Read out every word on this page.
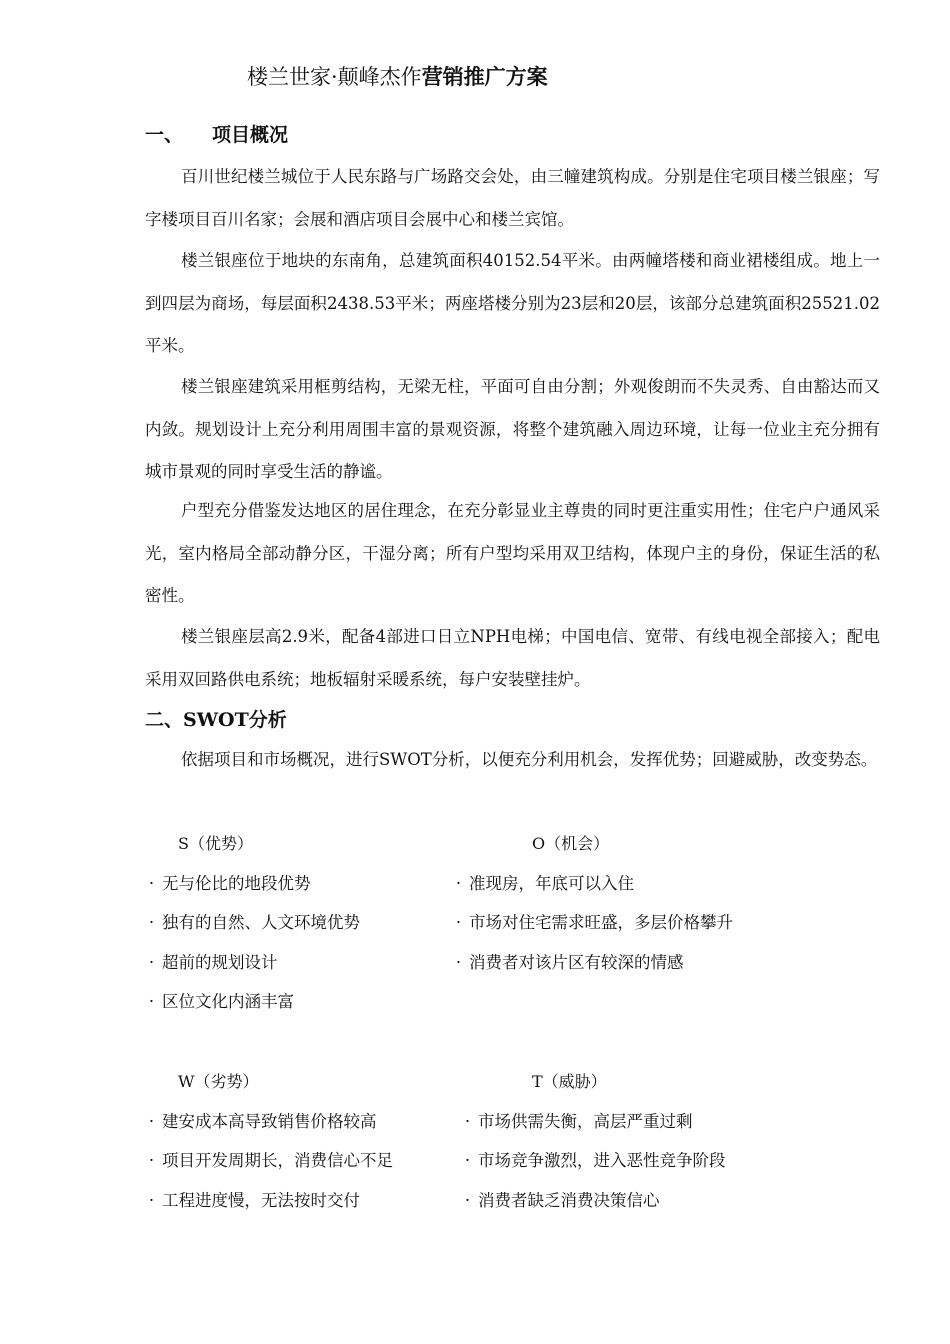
楼兰世家·颠峰杰作营销推广方案
一、 项目概况

百川世纪楼兰城位于人民东路与广场路交会处，由三幢建筑构成。分别是住宅项目楼兰银座；写字楼项目百川名家；会展和酒店项目会展中心和楼兰宾馆。

楼兰银座位于地块的东南角，总建筑面积40152.54平米。由两幢塔楼和商业裙楼组成。地上一到四层为商场，每层面积2438.53平米；两座塔楼分别为23层和20层，该部分总建筑面积25521.02平米。

楼兰银座建筑采用框剪结构，无梁无柱，平面可自由分割；外观俊朗而不失灵秀、自由豁达而又内敛。规划设计上充分利用周围丰富的景观资源，将整个建筑融入周边环境，让每一位业主充分拥有城市景观的同时享受生活的静谧。

户型充分借鉴发达地区的居住理念，在充分彰显业主尊贵的同时更注重实用性；住宅户户通风采光，室内格局全部动静分区，干湿分离；所有户型均采用双卫结构，体现户主的身份，保证生活的私密性。

楼兰银座层高2.9米，配备4部进口日立NPH电梯；中国电信、宽带、有线电视全部接入；配电采用双回路供电系统；地板辐射采暖系统，每户安装壁挂炉。

二、SWOT分析

依据项目和市场概况，进行SWOT分析，以便充分利用机会，发挥优势；回避威胁，改变势态。

S（优势）
· 无与伦比的地段优势
· 独有的自然、人文环境优势
· 超前的规划设计
· 区位文化内涵丰富
O（机会）
· 准现房，年底可以入住
· 市场对住宅需求旺盛，多层价格攀升
· 消费者对该片区有较深的情感
W（劣势）
· 建安成本高导致销售价格较高
· 项目开发周期长，消费信心不足
· 工程进度慢，无法按时交付
T（威胁）
· 市场供需失衡，高层严重过剩
· 市场竞争激烈，进入恶性竞争阶段
· 消费者缺乏消费决策信心
